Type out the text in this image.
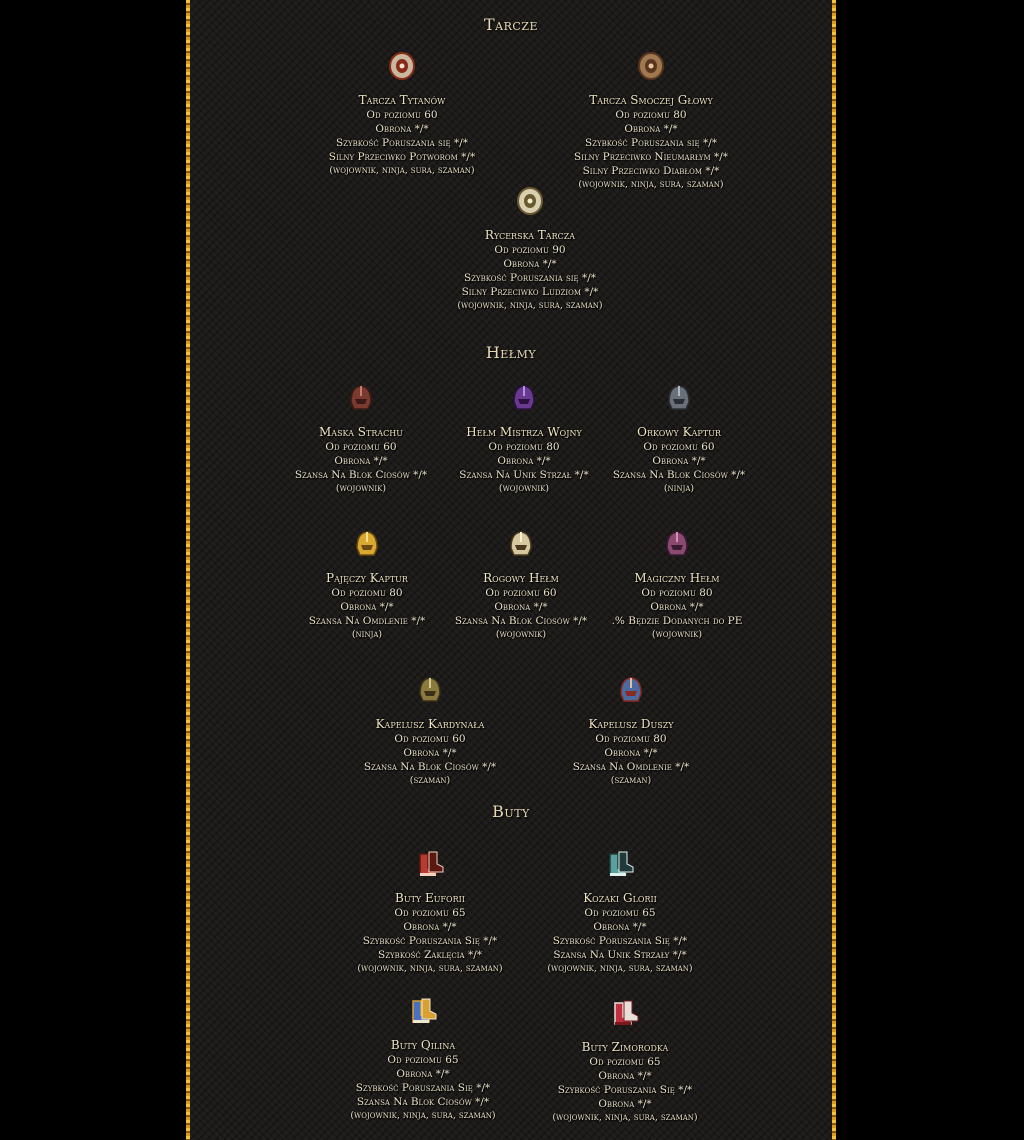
Tarcze
Hełmy
Buty
Tarcza Tytanów
Od poziomu 60
Obrona */*
Szybkość Poruszania się */*
Silny Przeciwko Potworom */*
(wojownik, ninja, sura, szaman)
Tarcza Smoczej Głowy
Od poziomu 80
Obrona */*
Szybkość Poruszania się */*
Silny Przeciwko Nieumarłym */*
Silny Przeciwko Diabłom */*
(wojownik, ninja, sura, szaman)
Rycerska Tarcza
Od poziomu 90
Obrona */*
Szybkość Poruszania się */*
Silny Przeciwko Ludziom */*
(wojownik, ninja, sura, szaman)
Maska Strachu
Od poziomu 60
Obrona */*
Szansa Na Blok Ciosów */*
(wojownik)
Hełm Mistrza Wojny
Od poziomu 80
Obrona */*
Szansa Na Unik Strzał */*
(wojownik)
Orkowy Kaptur
Od poziomu 60
Obrona */*
Szansa Na Blok Ciosów */*
(ninja)
Pajęczy Kaptur
Od poziomu 80
Obrona */*
Szansa Na Omdlenie */*
(ninja)
Rogowy Hełm
Od poziomu 60
Obrona */*
Szansa Na Blok Ciosów */*
(wojownik)
Magiczny Hełm
Od poziomu 80
Obrona */*
.% Będzie Dodanych do PE
(wojownik)
Kapelusz Kardynała
Od poziomu 60
Obrona */*
Szansa Na Blok Ciosów */*
(szaman)
Kapelusz Duszy
Od poziomu 80
Obrona */*
Szansa Na Omdlenie */*
(szaman)
Buty Euforii
Od poziomu 65
Obrona */*
Szybkość Poruszania Się */*
Szybkość Zaklęcia */*
(wojownik, ninja, sura, szaman)
Kozaki Glorii
Od poziomu 65
Obrona */*
Szybkość Poruszania Się */*
Szansa Na Unik Strzały */*
(wojownik, ninja, sura, szaman)
Buty Qilina
Od poziomu 65
Obrona */*
Szybkość Poruszania Się */*
Szansa Na Blok Ciosów */*
(wojownik, ninja, sura, szaman)
Buty Zimorodka
Od poziomu 65
Obrona */*
Szybkość Poruszania Się */*
Obrona */*
(wojownik, ninja, sura, szaman)
